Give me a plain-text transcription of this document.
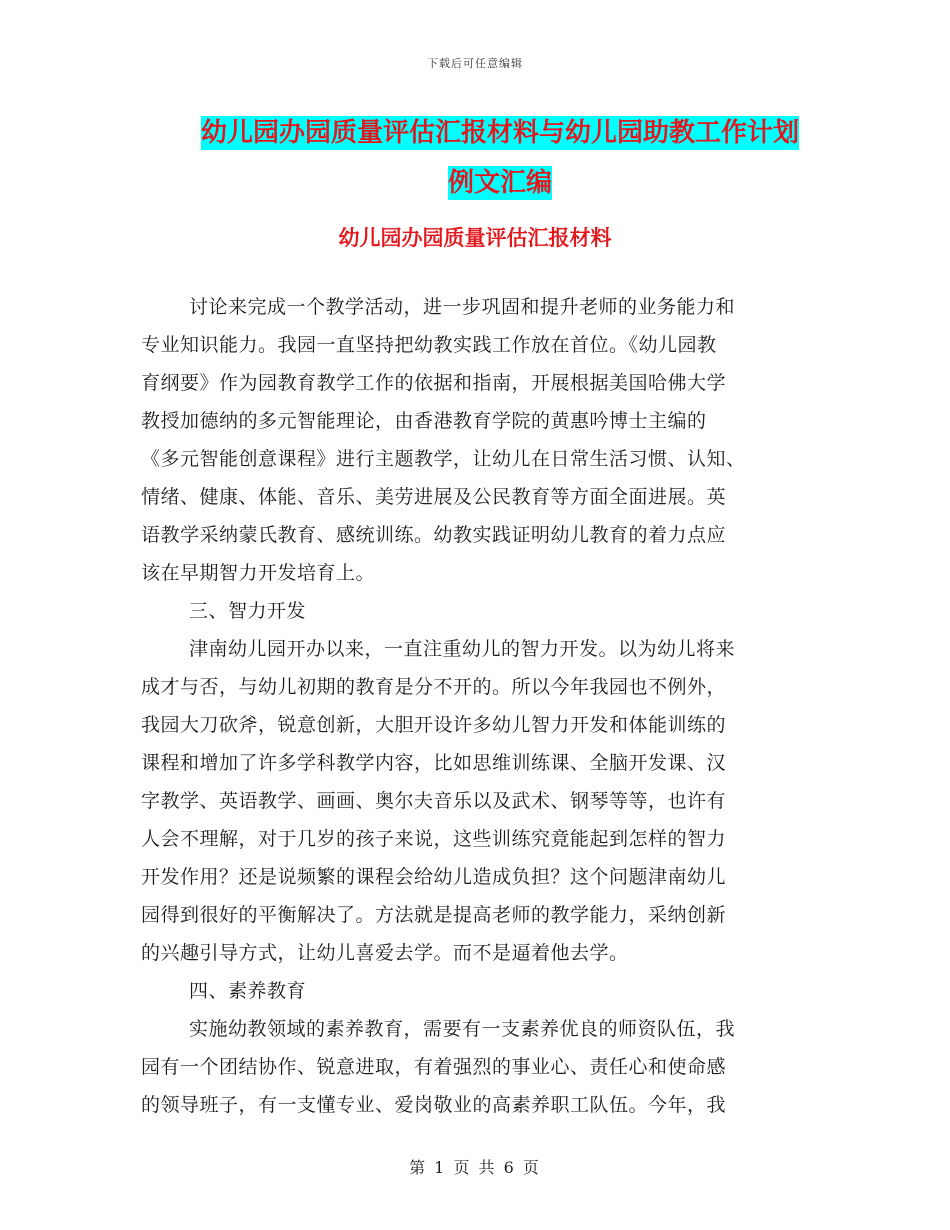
下载后可任意编辑
幼儿园办园质量评估汇报材料与幼儿园助教工作计划
例文汇编
幼儿园办园质量评估汇报材料
讨论来完成一个教学活动，进一步巩固和提升老师的业务能力和
专业知识能力。我园一直坚持把幼教实践工作放在首位。《幼儿园教
育纲要》作为园教育教学工作的依据和指南，开展根据美国哈佛大学
教授加德纳的多元智能理论，由香港教育学院的黄惠吟博士主编的
《多元智能创意课程》进行主题教学，让幼儿在日常生活习惯、认知、
情绪、健康、体能、音乐、美劳进展及公民教育等方面全面进展。英
语教学采纳蒙氏教育、感统训练。幼教实践证明幼儿教育的着力点应
该在早期智力开发培育上。
三、智力开发
津南幼儿园开办以来，一直注重幼儿的智力开发。以为幼儿将来
成才与否，与幼儿初期的教育是分不开的。所以今年我园也不例外，
我园大刀砍斧，锐意创新，大胆开设许多幼儿智力开发和体能训练的
课程和增加了许多学科教学内容，比如思维训练课、全脑开发课、汉
字教学、英语教学、画画、奥尔夫音乐以及武术、钢琴等等，也许有
人会不理解，对于几岁的孩子来说，这些训练究竟能起到怎样的智力
开发作用？还是说频繁的课程会给幼儿造成负担？这个问题津南幼儿
园得到很好的平衡解决了。方法就是提高老师的教学能力，采纳创新
的兴趣引导方式，让幼儿喜爱去学。而不是逼着他去学。
四、素养教育
实施幼教领域的素养教育，需要有一支素养优良的师资队伍，我
园有一个团结协作、锐意进取，有着强烈的事业心、责任心和使命感
的领导班子，有一支懂专业、爱岗敬业的高素养职工队伍。今年，我
第 1 页 共 6 页
